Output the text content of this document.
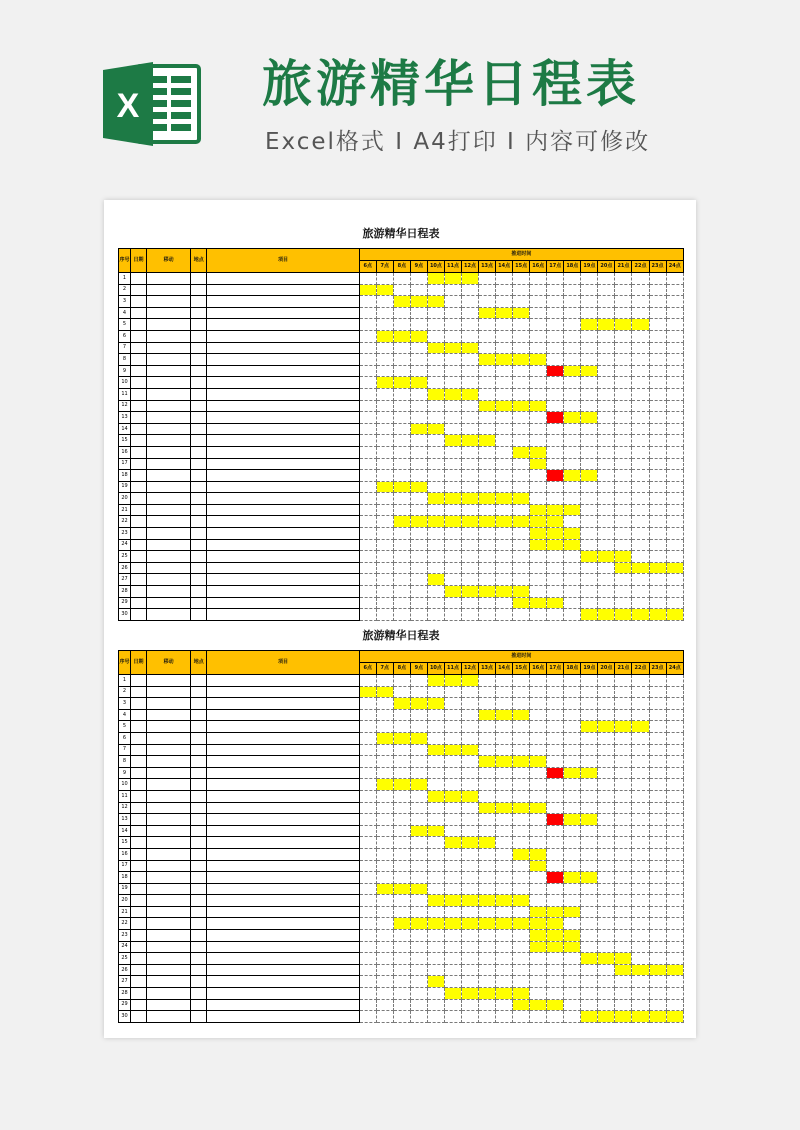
X 旅游精华日程表
Excel格式 I A4打印 I 内容可修改
旅游精华日程表
序号	日期	移动	地点	项目	推进时间																		
					6点	7点	8点	9点	10点	11点	12点	13点	14点	15点	16点	17点	18点	19点	20点	21点	22点	23点	24点
1																							
2																							
3																							
4																							
5																							
6																							
7																							
8																							
9																							
10																							
11																							
12																							
13																							
14																							
15																							
16																							
17																							
18																							
19																							
20																							
21																							
22																							
23																							
24																							
25																							
26																							
27																							
28																							
29																							
30																							
旅游精华日程表
序号	日期	移动	地点	项目	推进时间																		
					6点	7点	8点	9点	10点	11点	12点	13点	14点	15点	16点	17点	18点	19点	20点	21点	22点	23点	24点
1																							
2																							
3																							
4																							
5																							
6																							
7																							
8																							
9																							
10																							
11																							
12																							
13																							
14																							
15																							
16																							
17																							
18																							
19																							
20																							
21																							
22																							
23																							
24																							
25																							
26																							
27																							
28																							
29																							
30																							
